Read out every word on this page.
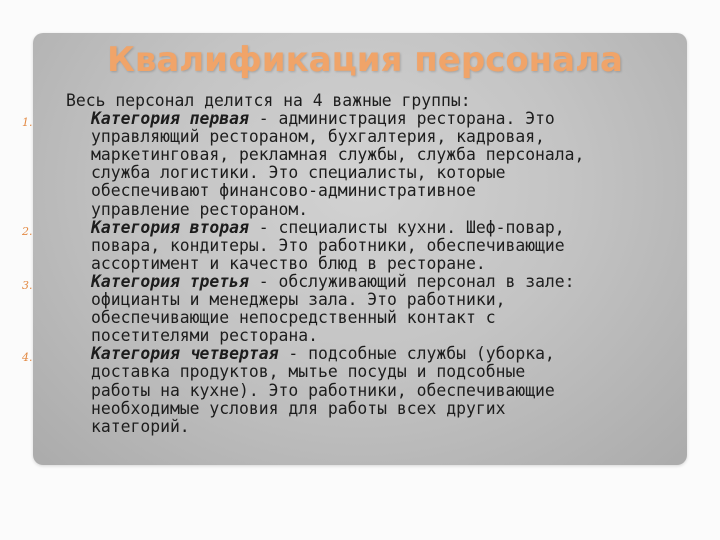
Квалификация персонала

Весь персонал делится на 4 важные группы:

1.	Категория первая - администрация ресторана. Это
управляющий рестораном, бухгалтерия, кадровая,
маркетинговая, рекламная службы, служба персонала,
служба логистики. Это специалисты, которые
обеспечивают финансово-административное
управление рестораном.
2.	Категория вторая - специалисты кухни. Шеф-повар,
повара, кондитеры. Это работники, обеспечивающие
ассортимент и качество блюд в ресторане.
3.	Категория третья - обслуживающий персонал в зале:
официанты и менеджеры зала. Это работники,
обеспечивающие непосредственный контакт с
посетителями ресторана.
4.	Категория четвертая - подсобные службы (уборка,
доставка продуктов, мытье посуды и подсобные
работы на кухне). Это работники, обеспечивающие
необходимые условия для работы всех других
категорий.
